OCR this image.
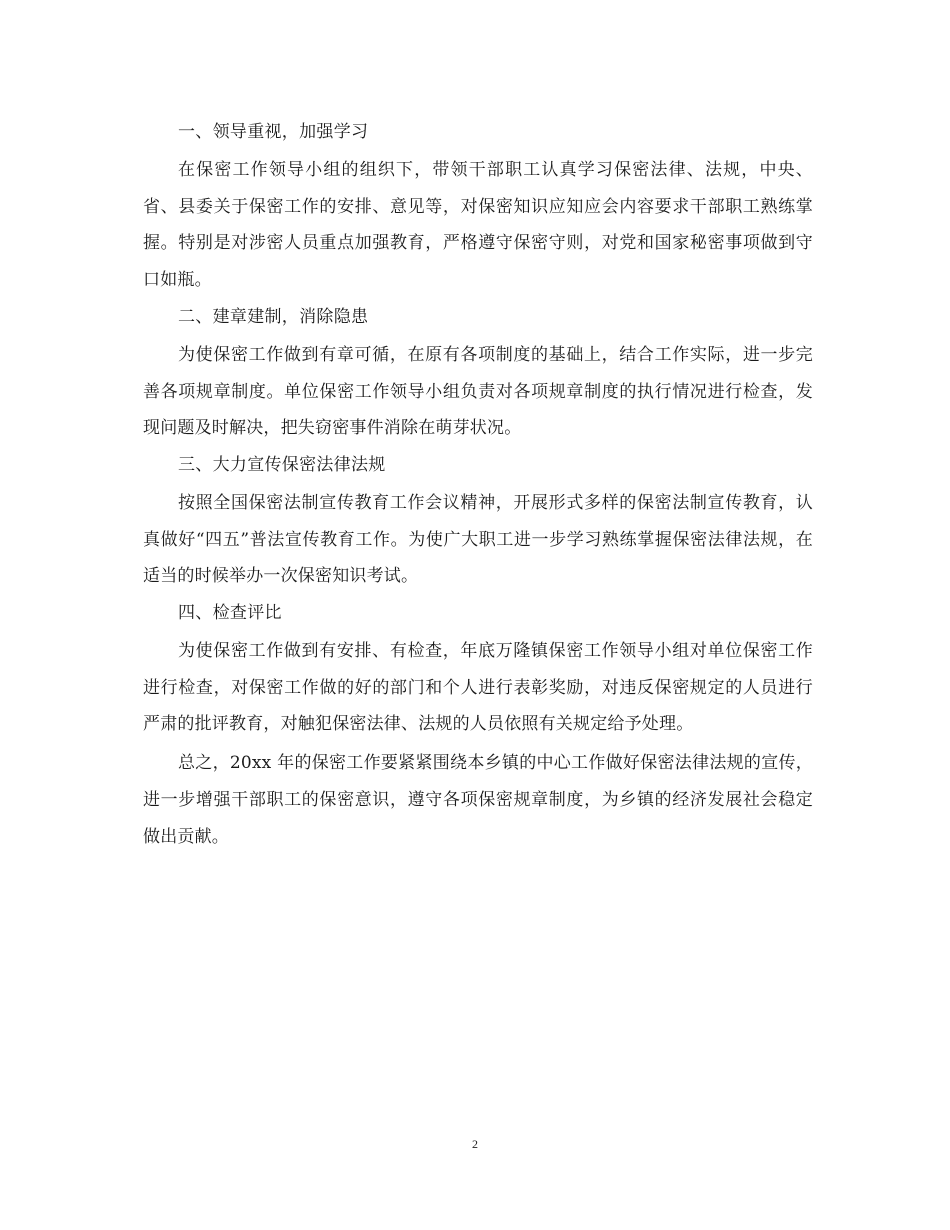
一、领导重视，加强学习
在保密工作领导小组的组织下，带领干部职工认真学习保密法律、法规，中央、省、县委关于保密工作的安排、意见等，对保密知识应知应会内容要求干部职工熟练掌握。特别是对涉密人员重点加强教育，严格遵守保密守则，对党和国家秘密事项做到守口如瓶。
二、建章建制，消除隐患
为使保密工作做到有章可循，在原有各项制度的基础上，结合工作实际，进一步完善各项规章制度。单位保密工作领导小组负责对各项规章制度的执行情况进行检查，发现问题及时解决，把失窃密事件消除在萌芽状况。
三、大力宣传保密法律法规
按照全国保密法制宣传教育工作会议精神，开展形式多样的保密法制宣传教育，认真做好“四五”普法宣传教育工作。为使广大职工进一步学习熟练掌握保密法律法规，在适当的时候举办一次保密知识考试。
四、检查评比
为使保密工作做到有安排、有检查，年底万隆镇保密工作领导小组对单位保密工作进行检查，对保密工作做的好的部门和个人进行表彰奖励，对违反保密规定的人员进行严肃的批评教育，对触犯保密法律、法规的人员依照有关规定给予处理。
总之，20xx 年的保密工作要紧紧围绕本乡镇的中心工作做好保密法律法规的宣传，进一步增强干部职工的保密意识，遵守各项保密规章制度，为乡镇的经济发展社会稳定做出贡献。
2
